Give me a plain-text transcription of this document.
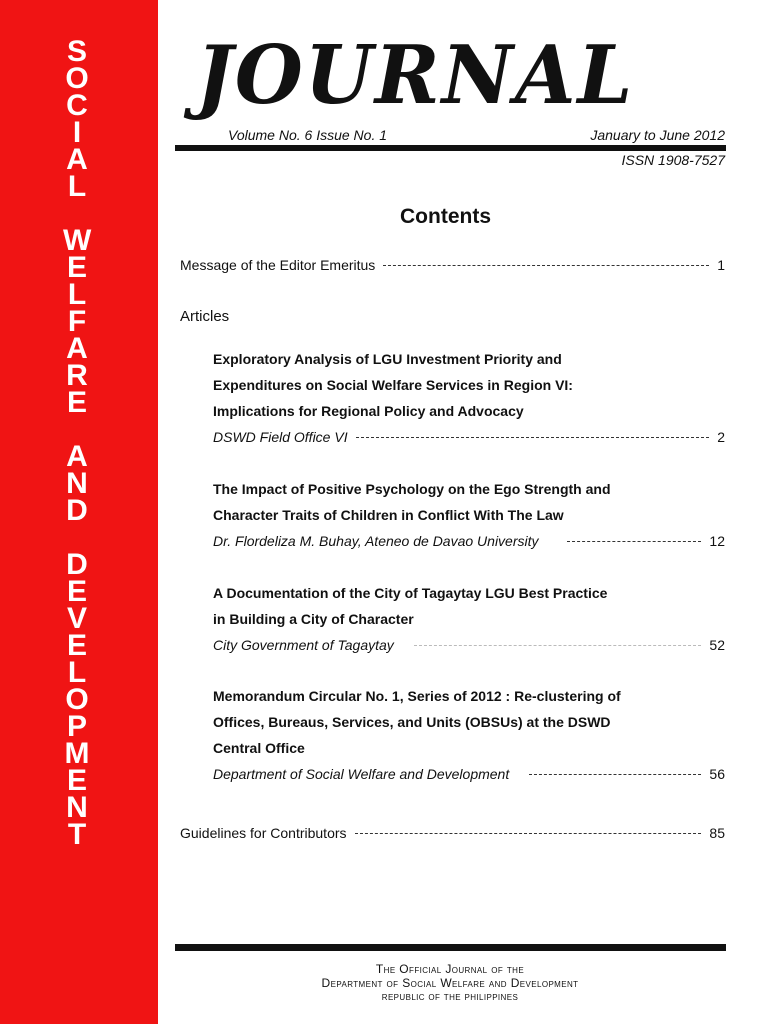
S
O
C
I
A
L
W
E
L
F
A
R
E
A
N
D
D
E
V
E
L
O
P
M
E
N
T
JOURNAL
Volume No. 6 Issue No. 1	January to June 2012
ISSN 1908-7527
Contents
Message of the Editor Emeritus	1
Articles
Exploratory Analysis of LGU Investment Priority and
Expenditures on Social Welfare Services in Region VI:
Implications for Regional Policy and Advocacy
DSWD Field Office VI	2
The Impact of Positive Psychology on the Ego Strength and
Character Traits of Children in Conflict With The Law
Dr. Flordeliza M. Buhay, Ateneo de Davao University	12
A Documentation of the City of Tagaytay LGU Best Practice
in Building a City of Character
City Government of Tagaytay	52
Memorandum Circular No. 1, Series of 2012 : Re-clustering of
Offices, Bureaus, Services, and Units (OBSUs) at the DSWD
Central Office
Department of Social Welfare and Development	56
Guidelines for Contributors	85
The Official Journal of the
Department of Social Welfare and Development
republic of the philippines
